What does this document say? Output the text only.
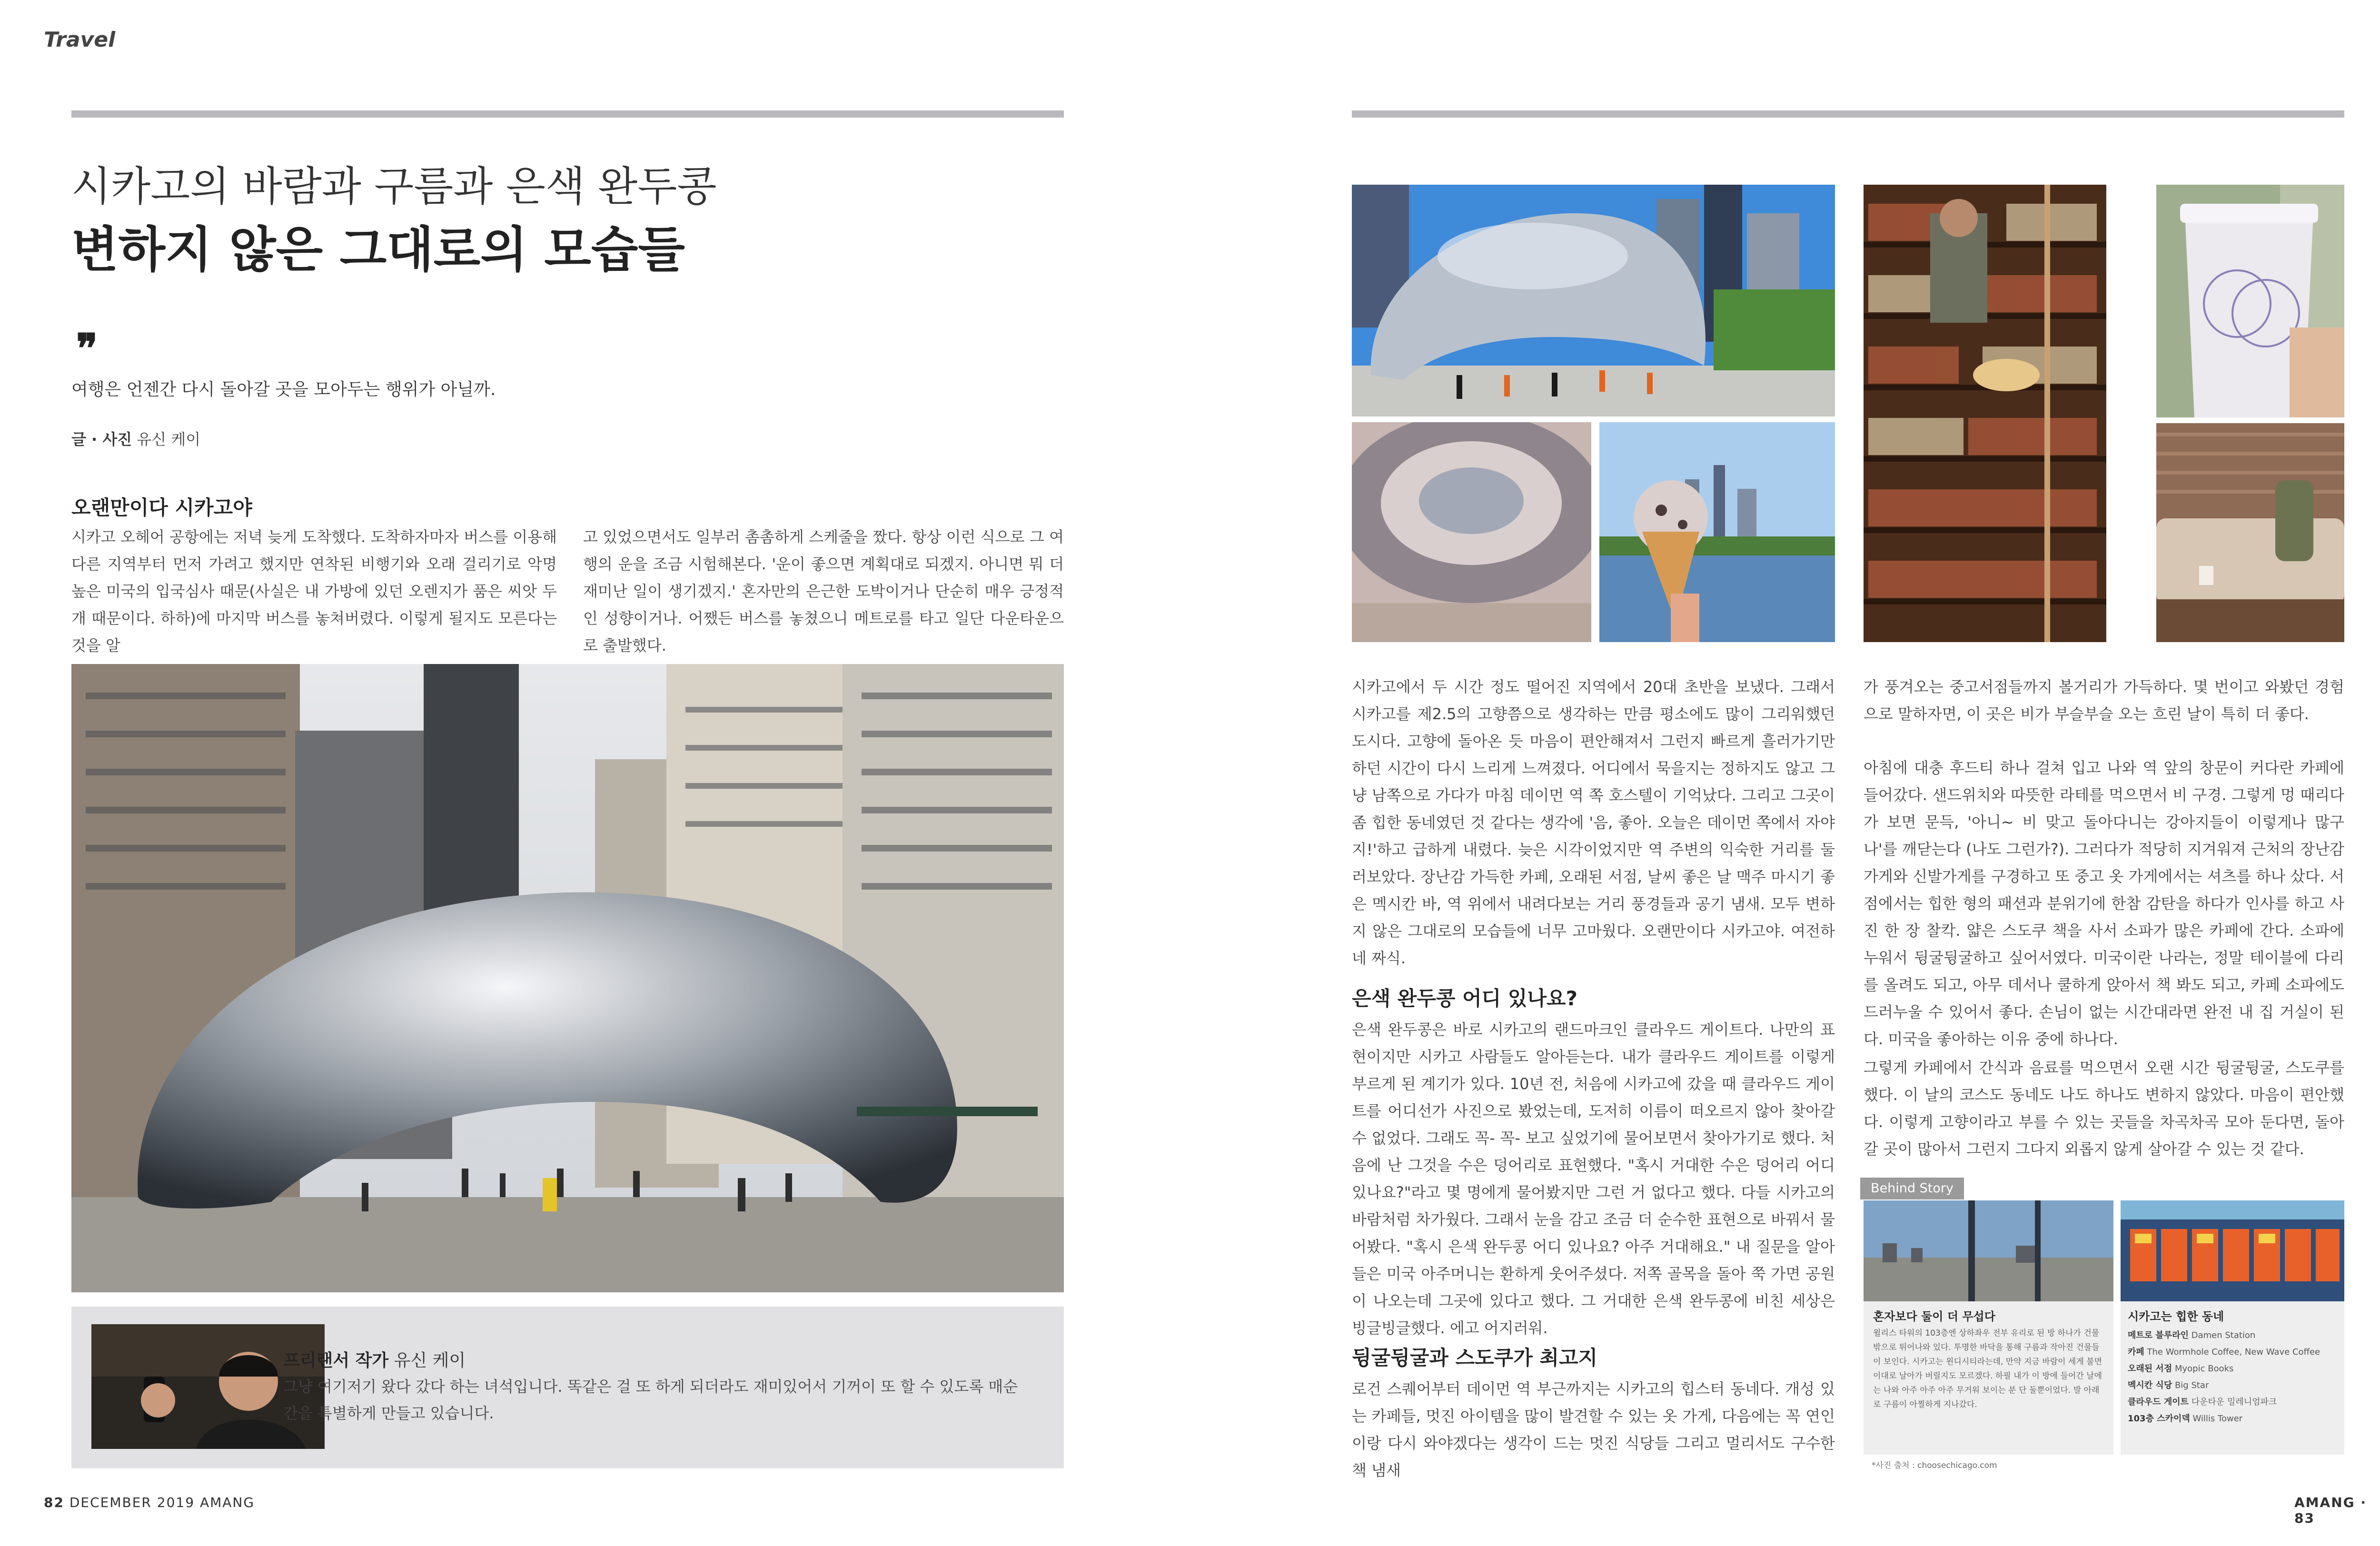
Travel
시카고의 바람과 구름과 은색 완두콩
변하지 않은 그대로의 모습들
❞
여행은 언젠간 다시 돌아갈 곳을 모아두는 행위가 아닐까.
글 · 사진 유신 케이
오랜만이다 시카고야

시카고 오헤어 공항에는 저녁 늦게 도착했다. 도착하자마자 버스를 이용해 다른 지역부터 먼저 가려고 했지만 연착된 비행기와 오래 걸리기로 악명 높은 미국의 입국심사 때문(사실은 내 가방에 있던 오렌지가 품은 씨앗 두 개 때문이다. 하하)에 마지막 버스를 놓쳐버렸다. 이렇게 될지도 모른다는 것을 알

고 있었으면서도 일부러 촘촘하게 스케줄을 짰다. 항상 이런 식으로 그 여행의 운을 조금 시험해본다. '운이 좋으면 계획대로 되겠지. 아니면 뭐 더 재미난 일이 생기겠지.' 혼자만의 은근한 도박이거나 단순히 매우 긍정적인 성향이거나. 어쨌든 버스를 놓쳤으니 메트로를 타고 일단 다운타운으로 출발했다.

프리랜서 작가 유신 케이

그냥 여기저기 왔다 갔다 하는 녀석입니다. 똑같은 걸 또 하게 되더라도 재미있어서 기꺼이 또 할 수 있도록 매순간을 특별하게 만들고 있습니다.

82 DECEMBER 2019 AMANG

시카고에서 두 시간 정도 떨어진 지역에서 20대 초반을 보냈다. 그래서 시카고를 제2.5의 고향쯤으로 생각하는 만큼 평소에도 많이 그리워했던 도시다. 고향에 돌아온 듯 마음이 편안해져서 그런지 빠르게 흘러가기만 하던 시간이 다시 느리게 느껴졌다. 어디에서 묵을지는 정하지도 않고 그냥 남쪽으로 가다가 마침 데이먼 역 쪽 호스텔이 기억났다. 그리고 그곳이 좀 힙한 동네였던 것 같다는 생각에 '음, 좋아. 오늘은 데이먼 쪽에서 자야지!'하고 급하게 내렸다. 늦은 시각이었지만 역 주변의 익숙한 거리를 둘러보았다. 장난감 가득한 카페, 오래된 서점, 날씨 좋은 날 맥주 마시기 좋은 멕시칸 바, 역 위에서 내려다보는 거리 풍경들과 공기 냄새. 모두 변하지 않은 그대로의 모습들에 너무 고마웠다. 오랜만이다 시카고야. 여전하네 짜식.

은색 완두콩 어디 있나요?

은색 완두콩은 바로 시카고의 랜드마크인 클라우드 게이트다. 나만의 표현이지만 시카고 사람들도 알아듣는다. 내가 클라우드 게이트를 이렇게 부르게 된 계기가 있다. 10년 전, 처음에 시카고에 갔을 때 클라우드 게이트를 어디선가 사진으로 봤었는데, 도저히 이름이 떠오르지 않아 찾아갈 수 없었다. 그래도 꼭- 꼭- 보고 싶었기에 물어보면서 찾아가기로 했다. 처음에 난 그것을 수은 덩어리로 표현했다. "혹시 거대한 수은 덩어리 어디 있나요?"라고 몇 명에게 물어봤지만 그런 거 없다고 했다. 다들 시카고의 바람처럼 차가웠다. 그래서 눈을 감고 조금 더 순수한 표현으로 바꿔서 물어봤다. "혹시 은색 완두콩 어디 있나요? 아주 거대해요." 내 질문을 알아들은 미국 아주머니는 환하게 웃어주셨다. 저쪽 골목을 돌아 쭉 가면 공원이 나오는데 그곳에 있다고 했다. 그 거대한 은색 완두콩에 비친 세상은 빙글빙글했다. 에고 어지러워.

뒹굴뒹굴과 스도쿠가 최고지

로건 스퀘어부터 데이먼 역 부근까지는 시카고의 힙스터 동네다. 개성 있는 카페들, 멋진 아이템을 많이 발견할 수 있는 옷 가게, 다음에는 꼭 연인이랑 다시 와야겠다는 생각이 드는 멋진 식당들 그리고 멀리서도 구수한 책 냄새

가 풍겨오는 중고서점들까지 볼거리가 가득하다. 몇 번이고 와봤던 경험으로 말하자면, 이 곳은 비가 부슬부슬 오는 흐린 날이 특히 더 좋다.

아침에 대충 후드티 하나 걸쳐 입고 나와 역 앞의 창문이 커다란 카페에 들어갔다. 샌드위치와 따뜻한 라테를 먹으면서 비 구경. 그렇게 멍 때리다가 보면 문득, '아니~ 비 맞고 돌아다니는 강아지들이 이렇게나 많구나'를 깨닫는다 (나도 그런가?). 그러다가 적당히 지겨워져 근처의 장난감 가게와 신발가게를 구경하고 또 중고 옷 가게에서는 셔츠를 하나 샀다. 서점에서는 힙한 형의 패션과 분위기에 한참 감탄을 하다가 인사를 하고 사진 한 장 찰칵. 얇은 스도쿠 책을 사서 소파가 많은 카페에 간다. 소파에 누워서 뒹굴뒹굴하고 싶어서였다. 미국이란 나라는, 정말 테이블에 다리를 올려도 되고, 아무 데서나 쿨하게 앉아서 책 봐도 되고, 카페 소파에도 드러누울 수 있어서 좋다. 손님이 없는 시간대라면 완전 내 집 거실이 된다. 미국을 좋아하는 이유 중에 하나다.

그렇게 카페에서 간식과 음료를 먹으면서 오랜 시간 뒹굴뒹굴, 스도쿠를 했다. 이 날의 코스도 동네도 나도 하나도 변하지 않았다. 마음이 편안했다. 이렇게 고향이라고 부를 수 있는 곳들을 차곡차곡 모아 둔다면, 돌아갈 곳이 많아서 그런지 그다지 외롭지 않게 살아갈 수 있는 것 같다.

Behind Story
혼자보다 둘이 더 무섭다

윌리스 타워의 103층엔 상하좌우 전부 유리로 된 방 하나가 건물 밖으로 튀어나와 있다. 투명한 바닥을 통해 구름과 작아진 건물들이 보인다. 시카고는 윈디시티라는데, 만약 지금 바람이 세게 불면 이대로 날아가 버릴지도 모르겠다. 하필 내가 이 방에 들어간 날에는 나와 아주 아주 아주 무거워 보이는 분 단 둘뿐이었다. 발 아래로 구름이 아찔하게 지나갔다.

시카고는 힙한 동네
메트로 블루라인 Damen Station
카페 The Wormhole Coffee, New Wave Coffee
오래된 서점 Myopic Books
멕시칸 식당 Big Star
클라우드 게이트 다운타운 밀레니엄파크
103층 스카이덱 Willis Tower
*사진 출처 : choosechicago.com
AMANG · 83
